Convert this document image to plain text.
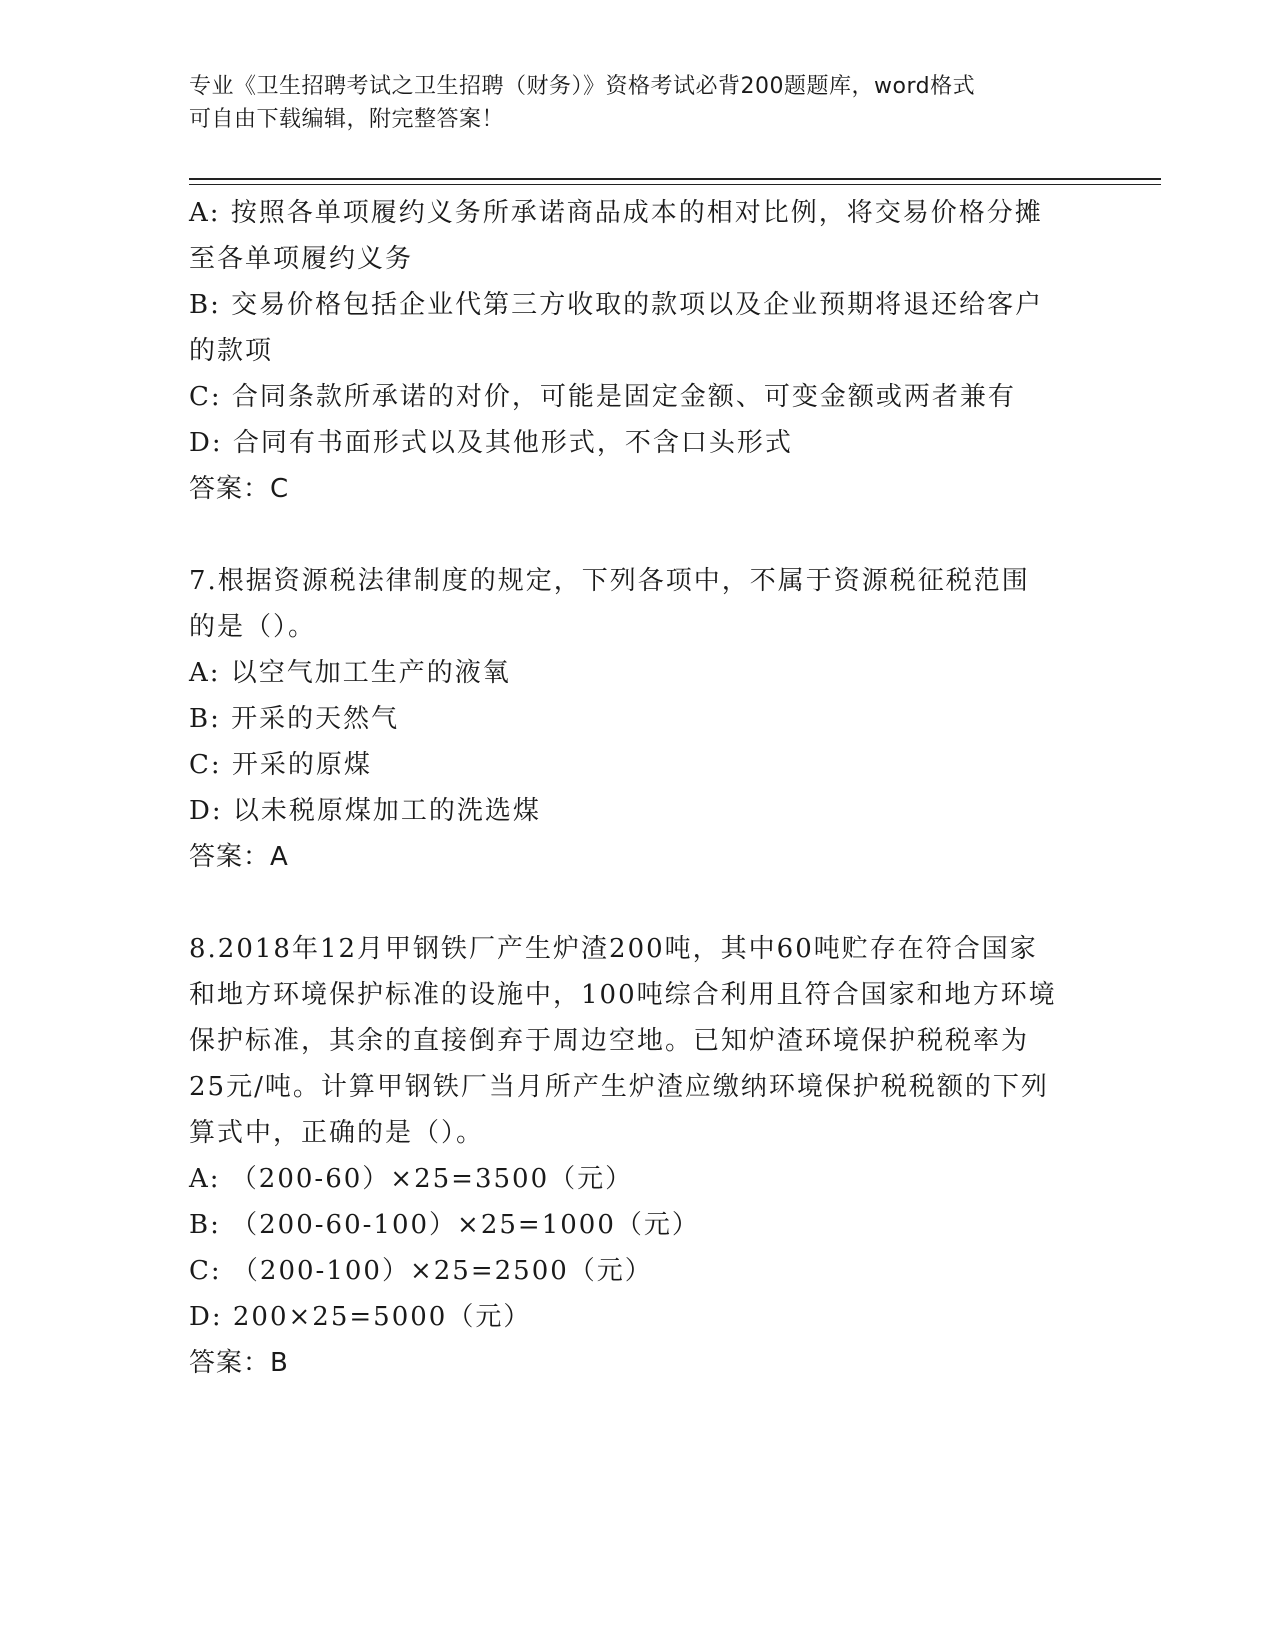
专业《卫生招聘考试之卫生招聘（财务）》资格考试必背200题题库，word格式
可自由下载编辑，附完整答案！
A: 按照各单项履约义务所承诺商品成本的相对比例，将交易价格分摊
至各单项履约义务
B: 交易价格包括企业代第三方收取的款项以及企业预期将退还给客户
的款项
C: 合同条款所承诺的对价，可能是固定金额、可变金额或两者兼有
D: 合同有书面形式以及其他形式，不含口头形式
答案：C
7.根据资源税法律制度的规定，下列各项中，不属于资源税征税范围
的是（）。
A: 以空气加工生产的液氧
B: 开采的天然气
C: 开采的原煤
D: 以未税原煤加工的洗选煤
答案：A
8.2018年12月甲钢铁厂产生炉渣200吨，其中60吨贮存在符合国家
和地方环境保护标准的设施中，100吨综合利用且符合国家和地方环境
保护标准，其余的直接倒弃于周边空地。已知炉渣环境保护税税率为
25元/吨。计算甲钢铁厂当月所产生炉渣应缴纳环境保护税税额的下列
算式中，正确的是（）。
A: （200-60）×25=3500（元）
B: （200-60-100）×25=1000（元）
C: （200-100）×25=2500（元）
D: 200×25=5000（元）
答案：B
